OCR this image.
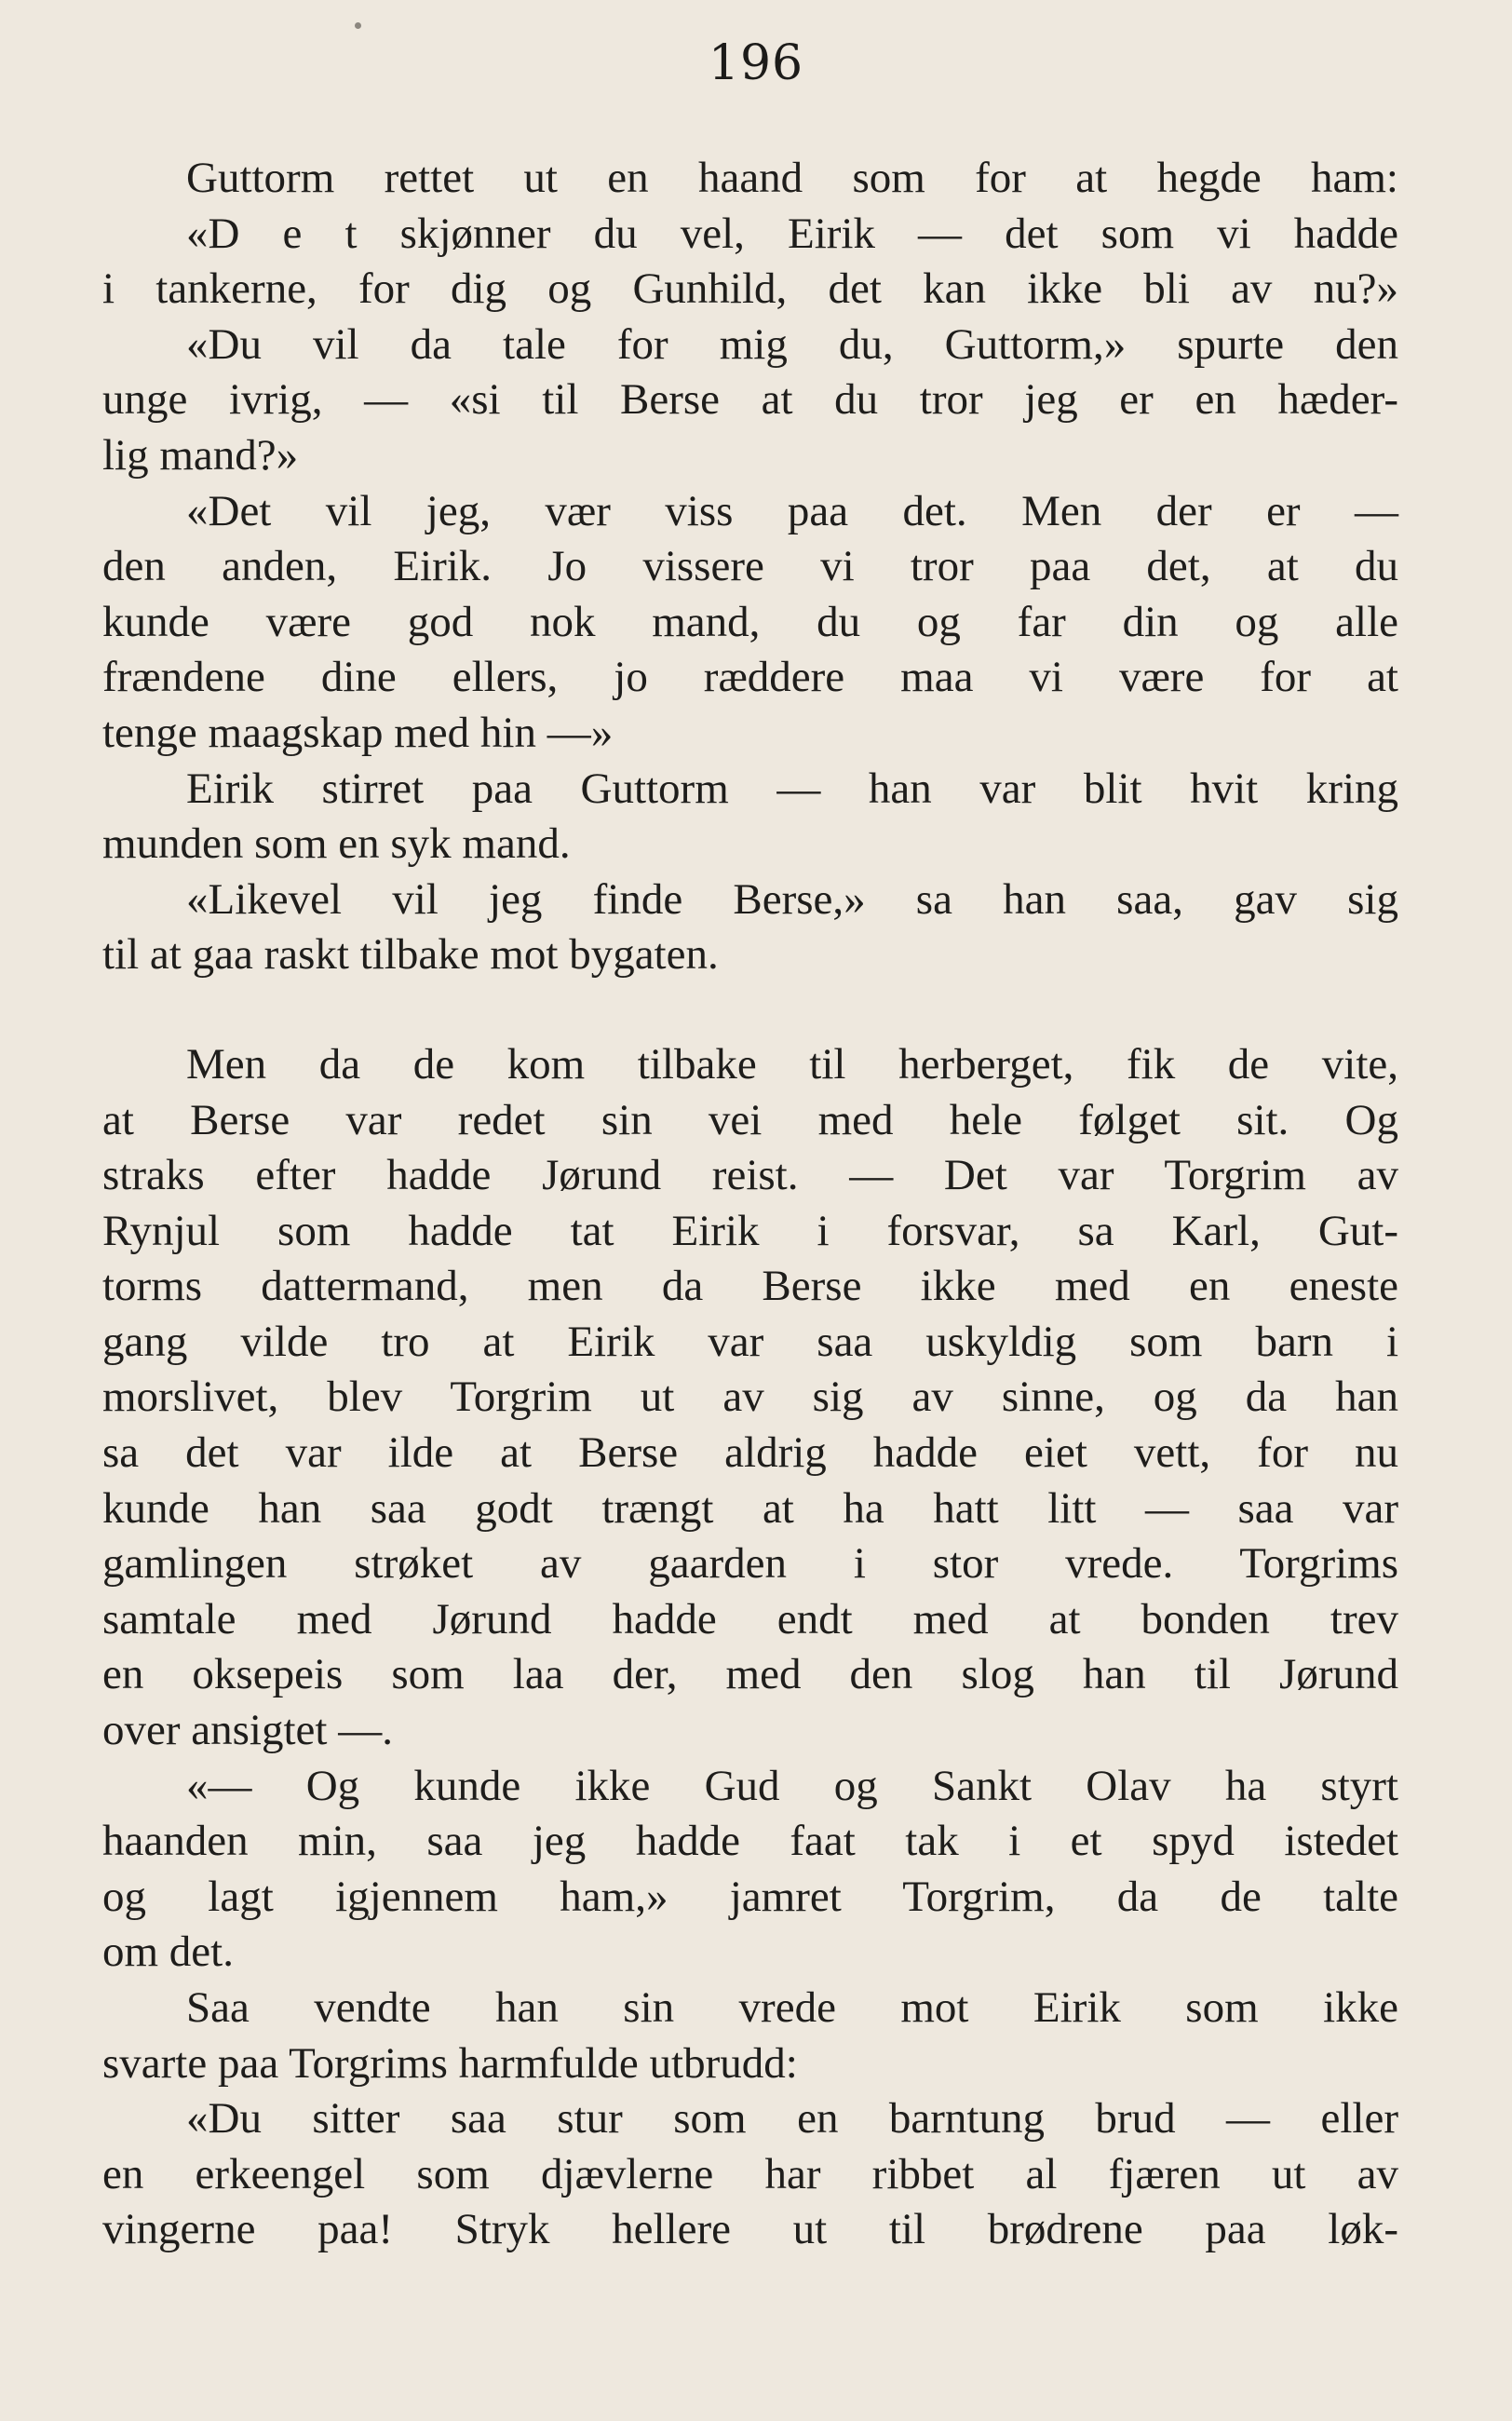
196
Guttorm rettet ut en haand som for at hegde ham:
«D e t skjønner du vel, Eirik — det som vi hadde
i tankerne, for dig og Gunhild, det kan ikke bli av nu?»
«Du vil da tale for mig du, Guttorm,» spurte den
unge ivrig, — «si til Berse at du tror jeg er en hæder-
lig mand?»
«Det vil jeg, vær viss paa det. Men der er —
den anden, Eirik. Jo vissere vi tror paa det, at du
kunde være god nok mand, du og far din og alle
frændene dine ellers, jo ræddere maa vi være for at
tenge maagskap med hin —»
Eirik stirret paa Guttorm — han var blit hvit kring
munden som en syk mand.
«Likevel vil jeg finde Berse,» sa han saa, gav sig
til at gaa raskt tilbake mot bygaten.
Men da de kom tilbake til herberget, fik de vite,
at Berse var redet sin vei med hele følget sit. Og
straks efter hadde Jørund reist. — Det var Torgrim av
Rynjul som hadde tat Eirik i forsvar, sa Karl, Gut-
torms dattermand, men da Berse ikke med en eneste
gang vilde tro at Eirik var saa uskyldig som barn i
morslivet, blev Torgrim ut av sig av sinne, og da han
sa det var ilde at Berse aldrig hadde eiet vett, for nu
kunde han saa godt trængt at ha hatt litt — saa var
gamlingen strøket av gaarden i stor vrede. Torgrims
samtale med Jørund hadde endt med at bonden trev
en oksepeis som laa der, med den slog han til Jørund
over ansigtet —.
«— Og kunde ikke Gud og Sankt Olav ha styrt
haanden min, saa jeg hadde faat tak i et spyd istedet
og lagt igjennem ham,» jamret Torgrim, da de talte
om det.
Saa vendte han sin vrede mot Eirik som ikke
svarte paa Torgrims harmfulde utbrudd:
«Du sitter saa stur som en barntung brud — eller
en erkeengel som djævlerne har ribbet al fjæren ut av
vingerne paa! Stryk hellere ut til brødrene paa løk-
